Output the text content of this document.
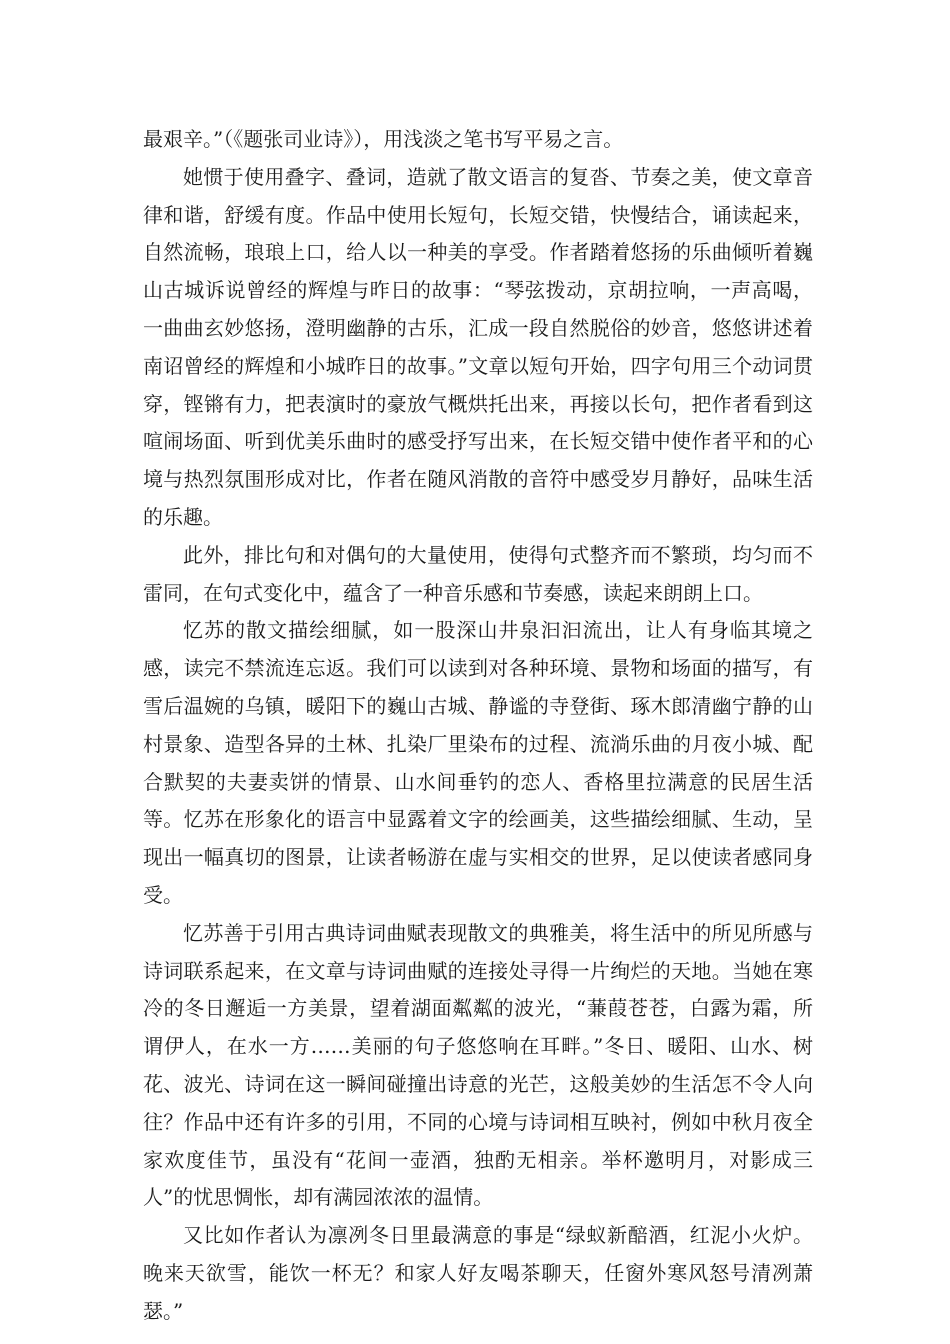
最艰辛。”（《题张司业诗》），用浅淡之笔书写平易之言。

她惯于使用叠字、叠词，造就了散文语言的复沓、节奏之美，使文章音律和谐，舒缓有度。作品中使用长短句，长短交错，快慢结合，诵读起来，自然流畅，琅琅上口，给人以一种美的享受。作者踏着悠扬的乐曲倾听着巍山古城诉说曾经的辉煌与昨日的故事：“琴弦拨动，京胡拉响，一声高喝，一曲曲玄妙悠扬，澄明幽静的古乐，汇成一段自然脱俗的妙音，悠悠讲述着南诏曾经的辉煌和小城昨日的故事。”文章以短句开始，四字句用三个动词贯穿，铿锵有力，把表演时的豪放气概烘托出来，再接以长句，把作者看到这喧闹场面、听到优美乐曲时的感受抒写出来，在长短交错中使作者平和的心境与热烈氛围形成对比，作者在随风消散的音符中感受岁月静好，品味生活的乐趣。

此外，排比句和对偶句的大量使用，使得句式整齐而不繁琐，均匀而不雷同，在句式变化中，蕴含了一种音乐感和节奏感，读起来朗朗上口。

忆苏的散文描绘细腻，如一股深山井泉汩汩流出，让人有身临其境之感，读完不禁流连忘返。我们可以读到对各种环境、景物和场面的描写，有雪后温婉的乌镇，暖阳下的巍山古城、静谧的寺登街、琢木郎清幽宁静的山村景象、造型各异的土林、扎染厂里染布的过程、流淌乐曲的月夜小城、配合默契的夫妻卖饼的情景、山水间垂钓的恋人、香格里拉满意的民居生活等。忆苏在形象化的语言中显露着文字的绘画美，这些描绘细腻、生动，呈现出一幅真切的图景，让读者畅游在虚与实相交的世界，足以使读者感同身受。

忆苏善于引用古典诗词曲赋表现散文的典雅美，将生活中的所见所感与诗词联系起来，在文章与诗词曲赋的连接处寻得一片绚烂的天地。当她在寒冷的冬日邂逅一方美景，望着湖面粼粼的波光，“蒹葭苍苍，白露为霜，所谓伊人，在水一方……美丽的句子悠悠响在耳畔。”冬日、暖阳、山水、树花、波光、诗词在这一瞬间碰撞出诗意的光芒，这般美妙的生活怎不令人向往？作品中还有许多的引用，不同的心境与诗词相互映衬，例如中秋月夜全家欢度佳节，虽没有“花间一壶酒，独酌无相亲。举杯邀明月，对影成三人”的忧思惆怅，却有满园浓浓的温情。

又比如作者认为凛冽冬日里最满意的事是“绿蚁新醅酒，红泥小火炉。晚来天欲雪，能饮一杯无？和家人好友喝茶聊天，任窗外寒风怒号清冽萧瑟。”
